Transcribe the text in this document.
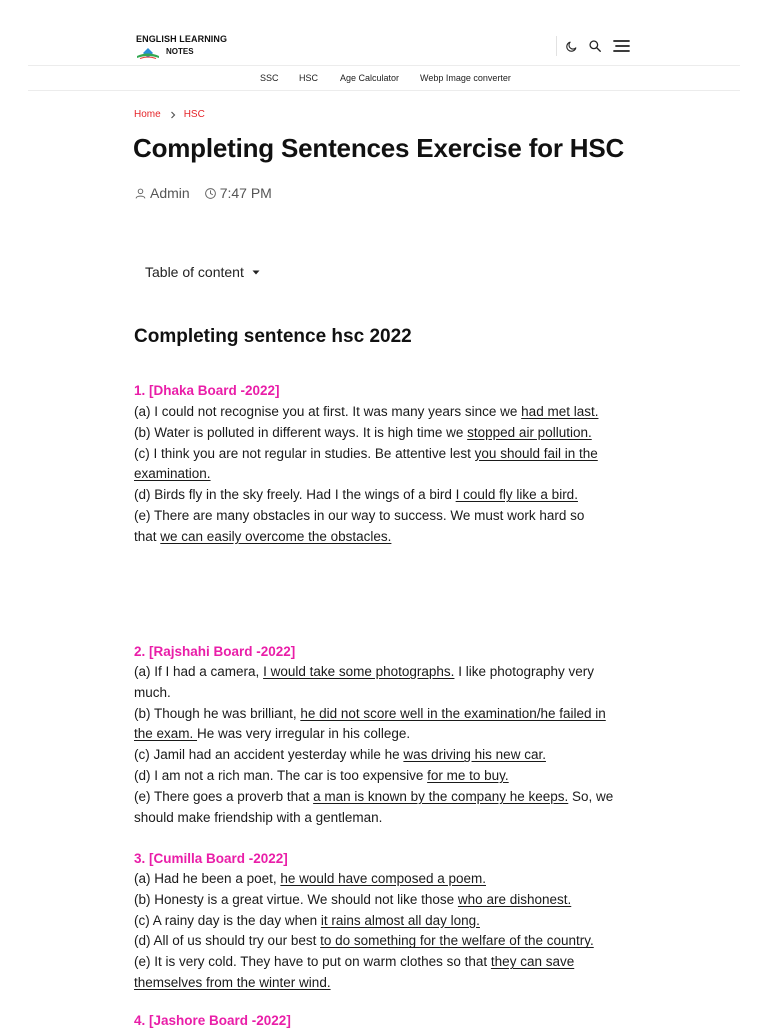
ENGLISH LEARNING
NOTES
SSC HSC Age Calculator Webp Image converter
Home HSC
Completing Sentences Exercise for HSC
Admin 7:47 PM
Table of content
Completing sentence hsc 2022
1. [Dhaka Board -2022]
(a) I could not recognise you at first. It was many years since we had met last.
(b) Water is polluted in different ways. It is high time we stopped air pollution.
(c) I think you are not regular in studies. Be attentive lest you should fail in the
examination.
(d) Birds fly in the sky freely. Had I the wings of a bird I could fly like a bird.
(e) There are many obstacles in our way to success. We must work hard so
that we can easily overcome the obstacles.
2. [Rajshahi Board -2022]
(a) If I had a camera, I would take some photographs. I like photography very
much.
(b) Though he was brilliant, he did not score well in the examination/he failed in
the exam. He was very irregular in his college.
(c) Jamil had an accident yesterday while he was driving his new car.
(d) I am not a rich man. The car is too expensive for me to buy.
(e) There goes a proverb that a man is known by the company he keeps. So, we
should make friendship with a gentleman.
3. [Cumilla Board -2022]
(a) Had he been a poet, he would have composed a poem.
(b) Honesty is a great virtue. We should not like those who are dishonest.
(c) A rainy day is the day when it rains almost all day long.
(d) All of us should try our best to do something for the welfare of the country.
(e) It is very cold. They have to put on warm clothes so that they can save
themselves from the winter wind.
4. [Jashore Board -2022]
